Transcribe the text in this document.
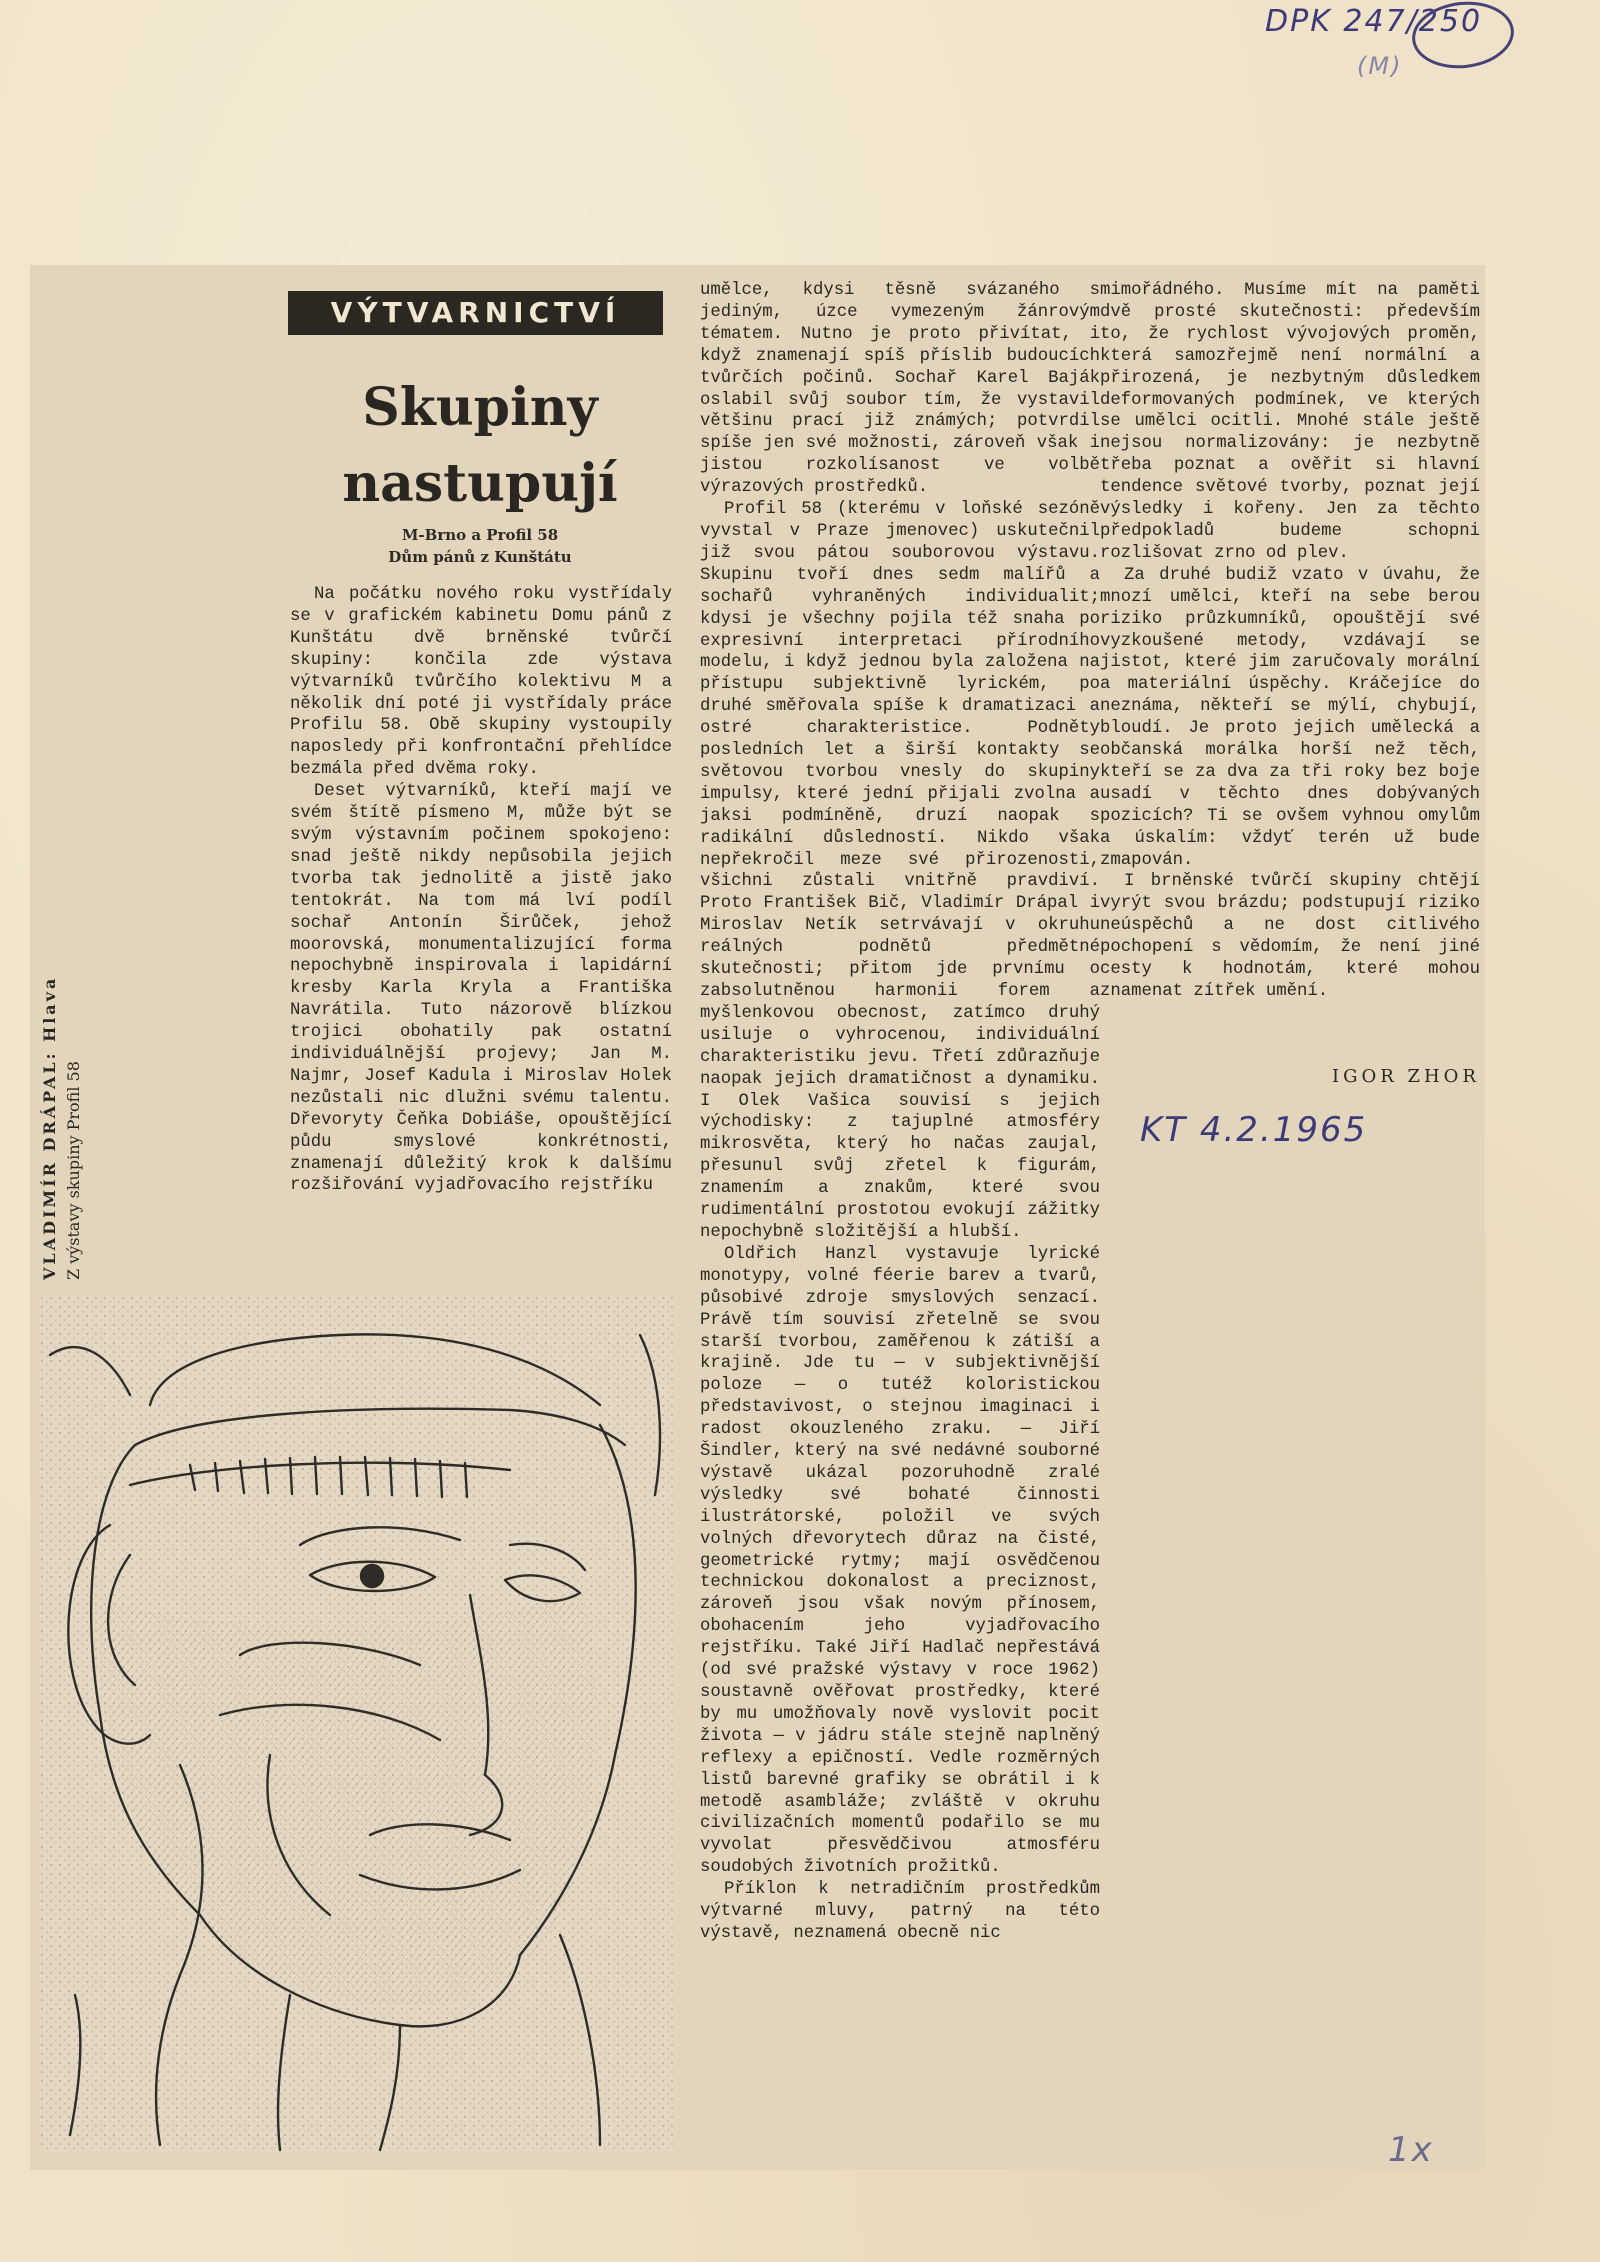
DPK 247/250
(M)
KT 4.2.1965
1x
VÝTVARNICTVÍ
Skupiny
nastupují
M-Brno a Profil 58
Dům pánů z Kunštátu

Na počátku nového roku vystřídaly se v grafickém kabinetu Domu pánů z Kunštátu dvě brněnské tvůrčí skupiny: končila zde výstava výtvarníků tvůrčího kolektivu M a několik dní poté ji vystřídaly práce Profilu 58. Obě skupiny vystoupily naposledy při konfrontační přehlídce bezmála před dvěma roky.

Deset výtvarníků, kteří mají ve svém štítě písmeno M, může být se svým výstavním počinem spokojeno: snad ještě nikdy nepůsobila jejich tvorba tak jednolitě a jistě jako tentokrát. Na tom má lví podíl sochař Antonín Širůček, jehož moorovská, monumentalizující forma nepochybně inspirovala i lapidární kresby Karla Kryla a Františka Navrátila. Tuto názorově blízkou trojici obohatily pak ostatní individuálnější projevy; Jan M. Najmr, Josef Kadula i Miroslav Holek nezůstali nic dlužni svému talentu. Dřevoryty Čeňka Dobiáše, opouštějící půdu smyslové konkrétnosti, znamenají důležitý krok k dalšímu rozšiřování vyjadřovacího rejstříku

umělce, kdysi těsně svázaného s jediným, úzce vymezeným žánrovým tématem. Nutno je proto přivítat, i když znamenají spíš příslib budoucích tvůrčích počinů. Sochař Karel Baják oslabil svůj soubor tím, že vystavil většinu prací již známých; potvrdil spíše jen své možnosti, zároveň však i jistou rozkolísanost ve volbě výrazových prostředků.

Profil 58 (kterému v loňské sezóně vyvstal v Praze jmenovec) uskutečnil již svou pátou souborovou výstavu. Skupinu tvoří dnes sedm malířů a sochařů vyhraněných individualit; kdysi je všechny pojila též snaha po expresivní interpretaci přírodního modelu, i když jednou byla založena na přístupu subjektivně lyrickém, po druhé směřovala spíše k dramatizaci a ostré charakteristice. Podněty posledních let a širší kontakty se světovou tvorbou vnesly do skupiny impulsy, které jední přijali zvolna a jaksi podmíněně, druzí naopak s radikální důsledností. Nikdo však nepřekročil meze své přirozenosti, všichni zůstali vnitřně pravdiví. Proto František Bič, Vladimír Drápal i Miroslav Netík setrvávají v okruhu reálných podnětů předmětné skutečnosti; přitom jde prvnímu o zabsolutněnou harmonii forem a myšlenkovou obecnost, zatímco druhý usiluje o vyhrocenou, individuální charakteristiku jevu. Třetí zdůrazňuje naopak jejich dramatičnost a dynamiku. I Olek Vašica souvisí s jejich východisky: z tajuplné atmosféry mikrosvěta, který ho načas zaujal, přesunul svůj zřetel k figurám, znamením a znakům, které svou rudimentální prostotou evokují zážitky nepochybně složitější a hlubší.

Oldřich Hanzl vystavuje lyrické monotypy, volné féerie barev a tvarů, působivé zdroje smyslových senzací. Právě tím souvisí zřetelně se svou starší tvorbou, zaměřenou k zátiší a krajině. Jde tu — v subjektivnější poloze — o tutéž koloristickou představivost, o stejnou imaginaci i radost okouzleného zraku. — Jiří Šindler, který na své nedávné souborné výstavě ukázal pozoruhodně zralé výsledky své bohaté činnosti ilustrátorské, položil ve svých volných dřevorytech důraz na čisté, geometrické rytmy; mají osvědčenou technickou dokonalost a preciznost, zároveň jsou však novým přínosem, obohacením jeho vyjadřovacího rejstříku. Také Jiří Hadlač nepřestává (od své pražské výstavy v roce 1962) soustavně ověřovat prostředky, které by mu umožňovaly nově vyslovit pocit života — v jádru stále stejně naplněný reflexy a epičností. Vedle rozměrných listů barevné grafiky se obrátil i k metodě asambláže; zvláště v okruhu civilizačních momentů podařilo se mu vyvolat přesvědčivou atmosféru soudobých životních prožitků.

Příklon k netradičním prostředkům výtvarné mluvy, patrný na této výstavě, neznamená obecně nic

mimořádného. Musíme mít na paměti dvě prosté skutečnosti: především to, že rychlost vývojových proměn, která samozřejmě není normální a přirozená, je nezbytným důsledkem deformovaných podmínek, ve kterých se umělci ocitli. Mnohé stále ještě nejsou normalizovány: je nezbytně třeba poznat a ověřit si hlavní tendence světové tvorby, poznat její výsledky i kořeny. Jen za těchto předpokladů budeme schopni rozlišovat zrno od plev.

Za druhé budiž vzato v úvahu, že mnozí umělci, kteří na sebe berou riziko průzkumníků, opouštějí své vyzkoušené metody, vzdávají se jistot, které jim zaručovaly morální a materiální úspěchy. Kráčejíce do neznáma, někteří se mýlí, chybují, bloudí. Je proto jejich umělecká a občanská morálka horší než těch, kteří se za dva za tři roky bez boje usadí v těchto dnes dobývaných pozicích? Ti se ovšem vyhnou omylům a úskalím: vždyť terén už bude zmapován.

I brněnské tvůrčí skupiny chtějí vyrýt svou brázdu; podstupují riziko neúspěchů a ne dost citlivého pochopení s vědomím, že není jiné cesty k hodnotám, které mohou znamenat zítřek umění.

IGOR ZHOR
VLADIMÍR DRÁPAL: Hlava Z výstavy skupiny Profil 58
